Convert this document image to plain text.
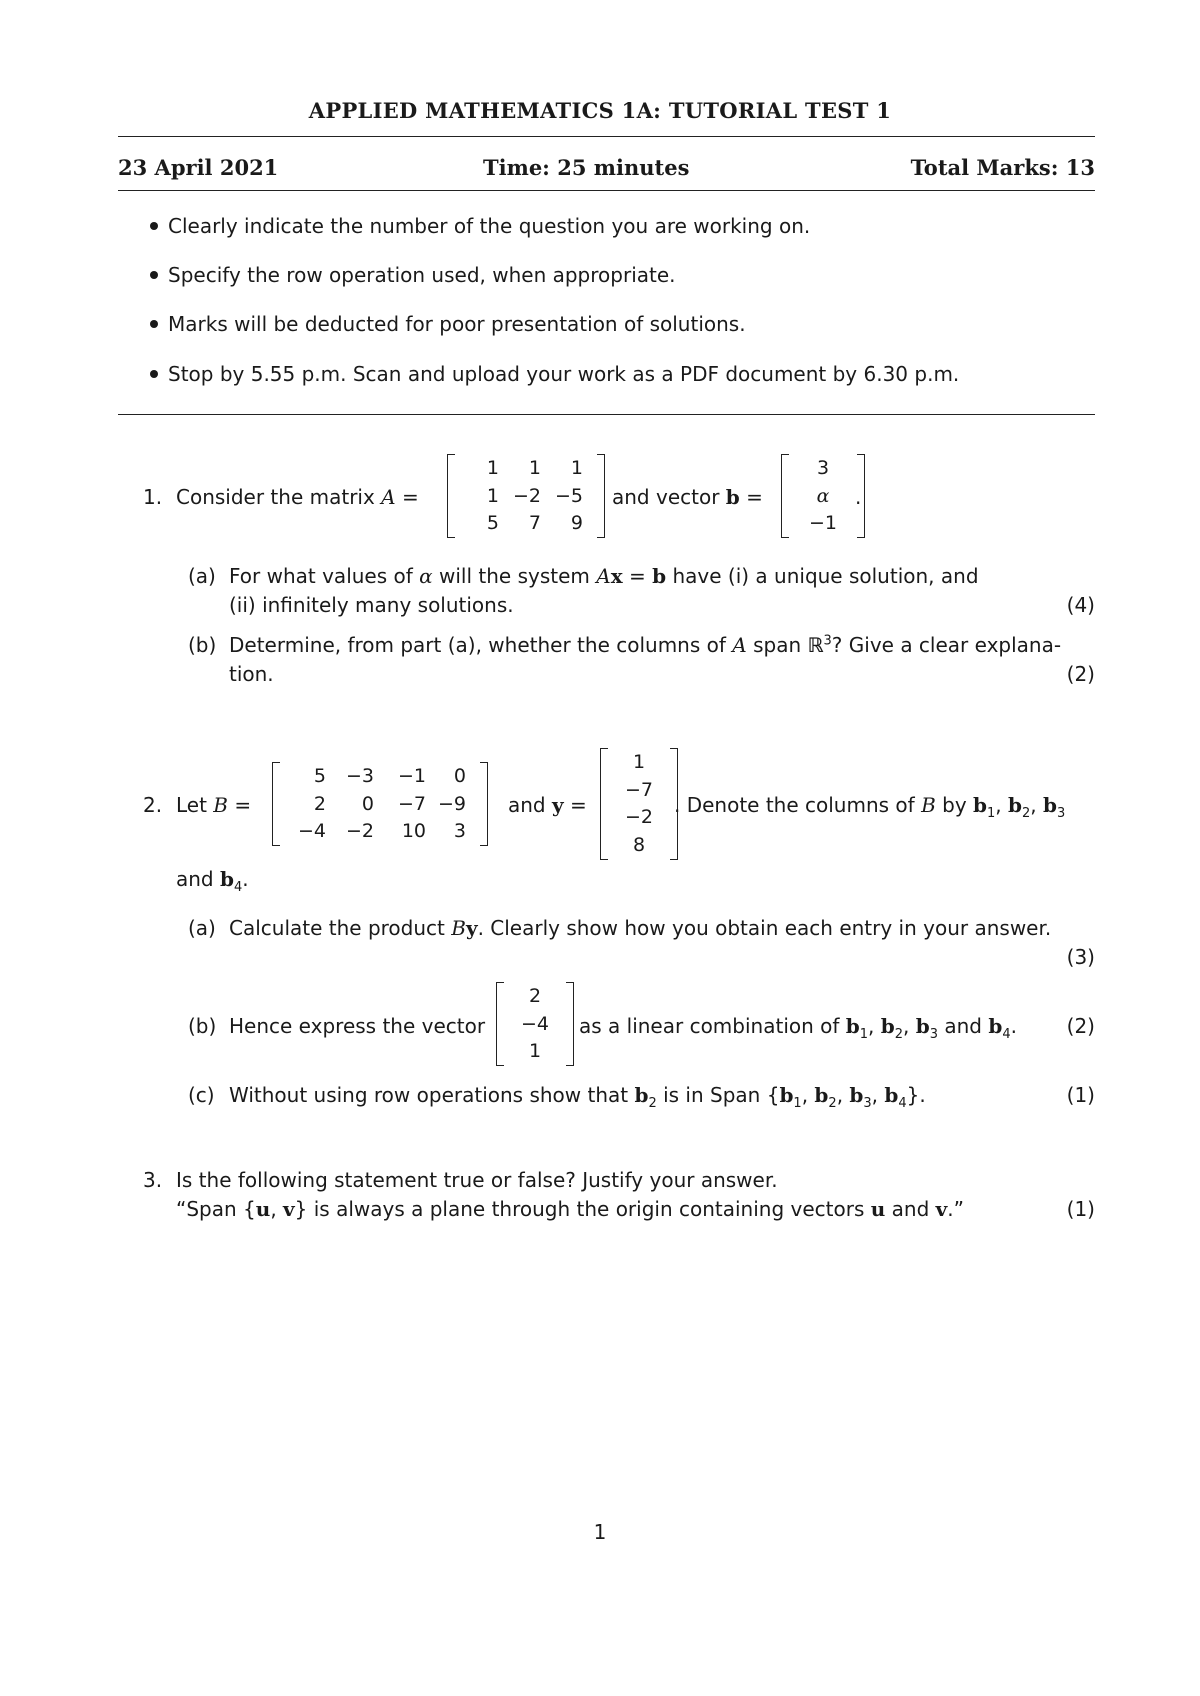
APPLIED MATHEMATICS 1A: TUTORIAL TEST 1
23 April 2021	Time: 25 minutes	Total Marks: 13
Clearly indicate the number of the question you are working on.
Specify the row operation used, when appropriate.
Marks will be deducted for poor presentation of solutions.
Stop by 5.55 p.m. Scan and upload your work as a PDF document by 6.30 p.m.
1. Consider the matrix A =
1	1	1
1 −2 −5
5	7	9
and vector b =
3
α
−1
.
(a) For what values of α will the system Ax = b have (i) a unique solution, and
(ii) infinitely many solutions.	(4)
(b) Determine, from part (a), whether the columns of A span ℝ$^3$? Give a clear explana-
tion.	(2)
2. Let B =
5	−3	−1	0
2	0	−7 −9
−4	−2	10	3
and y =
1
−7
−2
8
. Denote the columns of B by $b_1$, $b_2$, $b_3$
and $b_4$.
(a) Calculate the product By. Clearly show how you obtain each entry in your answer.
(3)
(b) Hence express the vector
2
−4
1
as a linear combination of $b_1$, $b_2$, $b_3$ and $b_4$. (2)
(c) Without using row operations show that $b_2$ is in Span {$b_1$, $b_2$, $b_3$, $b_4$}.	(1)
3. Is the following statement true or false? Justify your answer.
“Span {u, v} is always a plane through the origin containing vectors u and v.”	(1)
1
